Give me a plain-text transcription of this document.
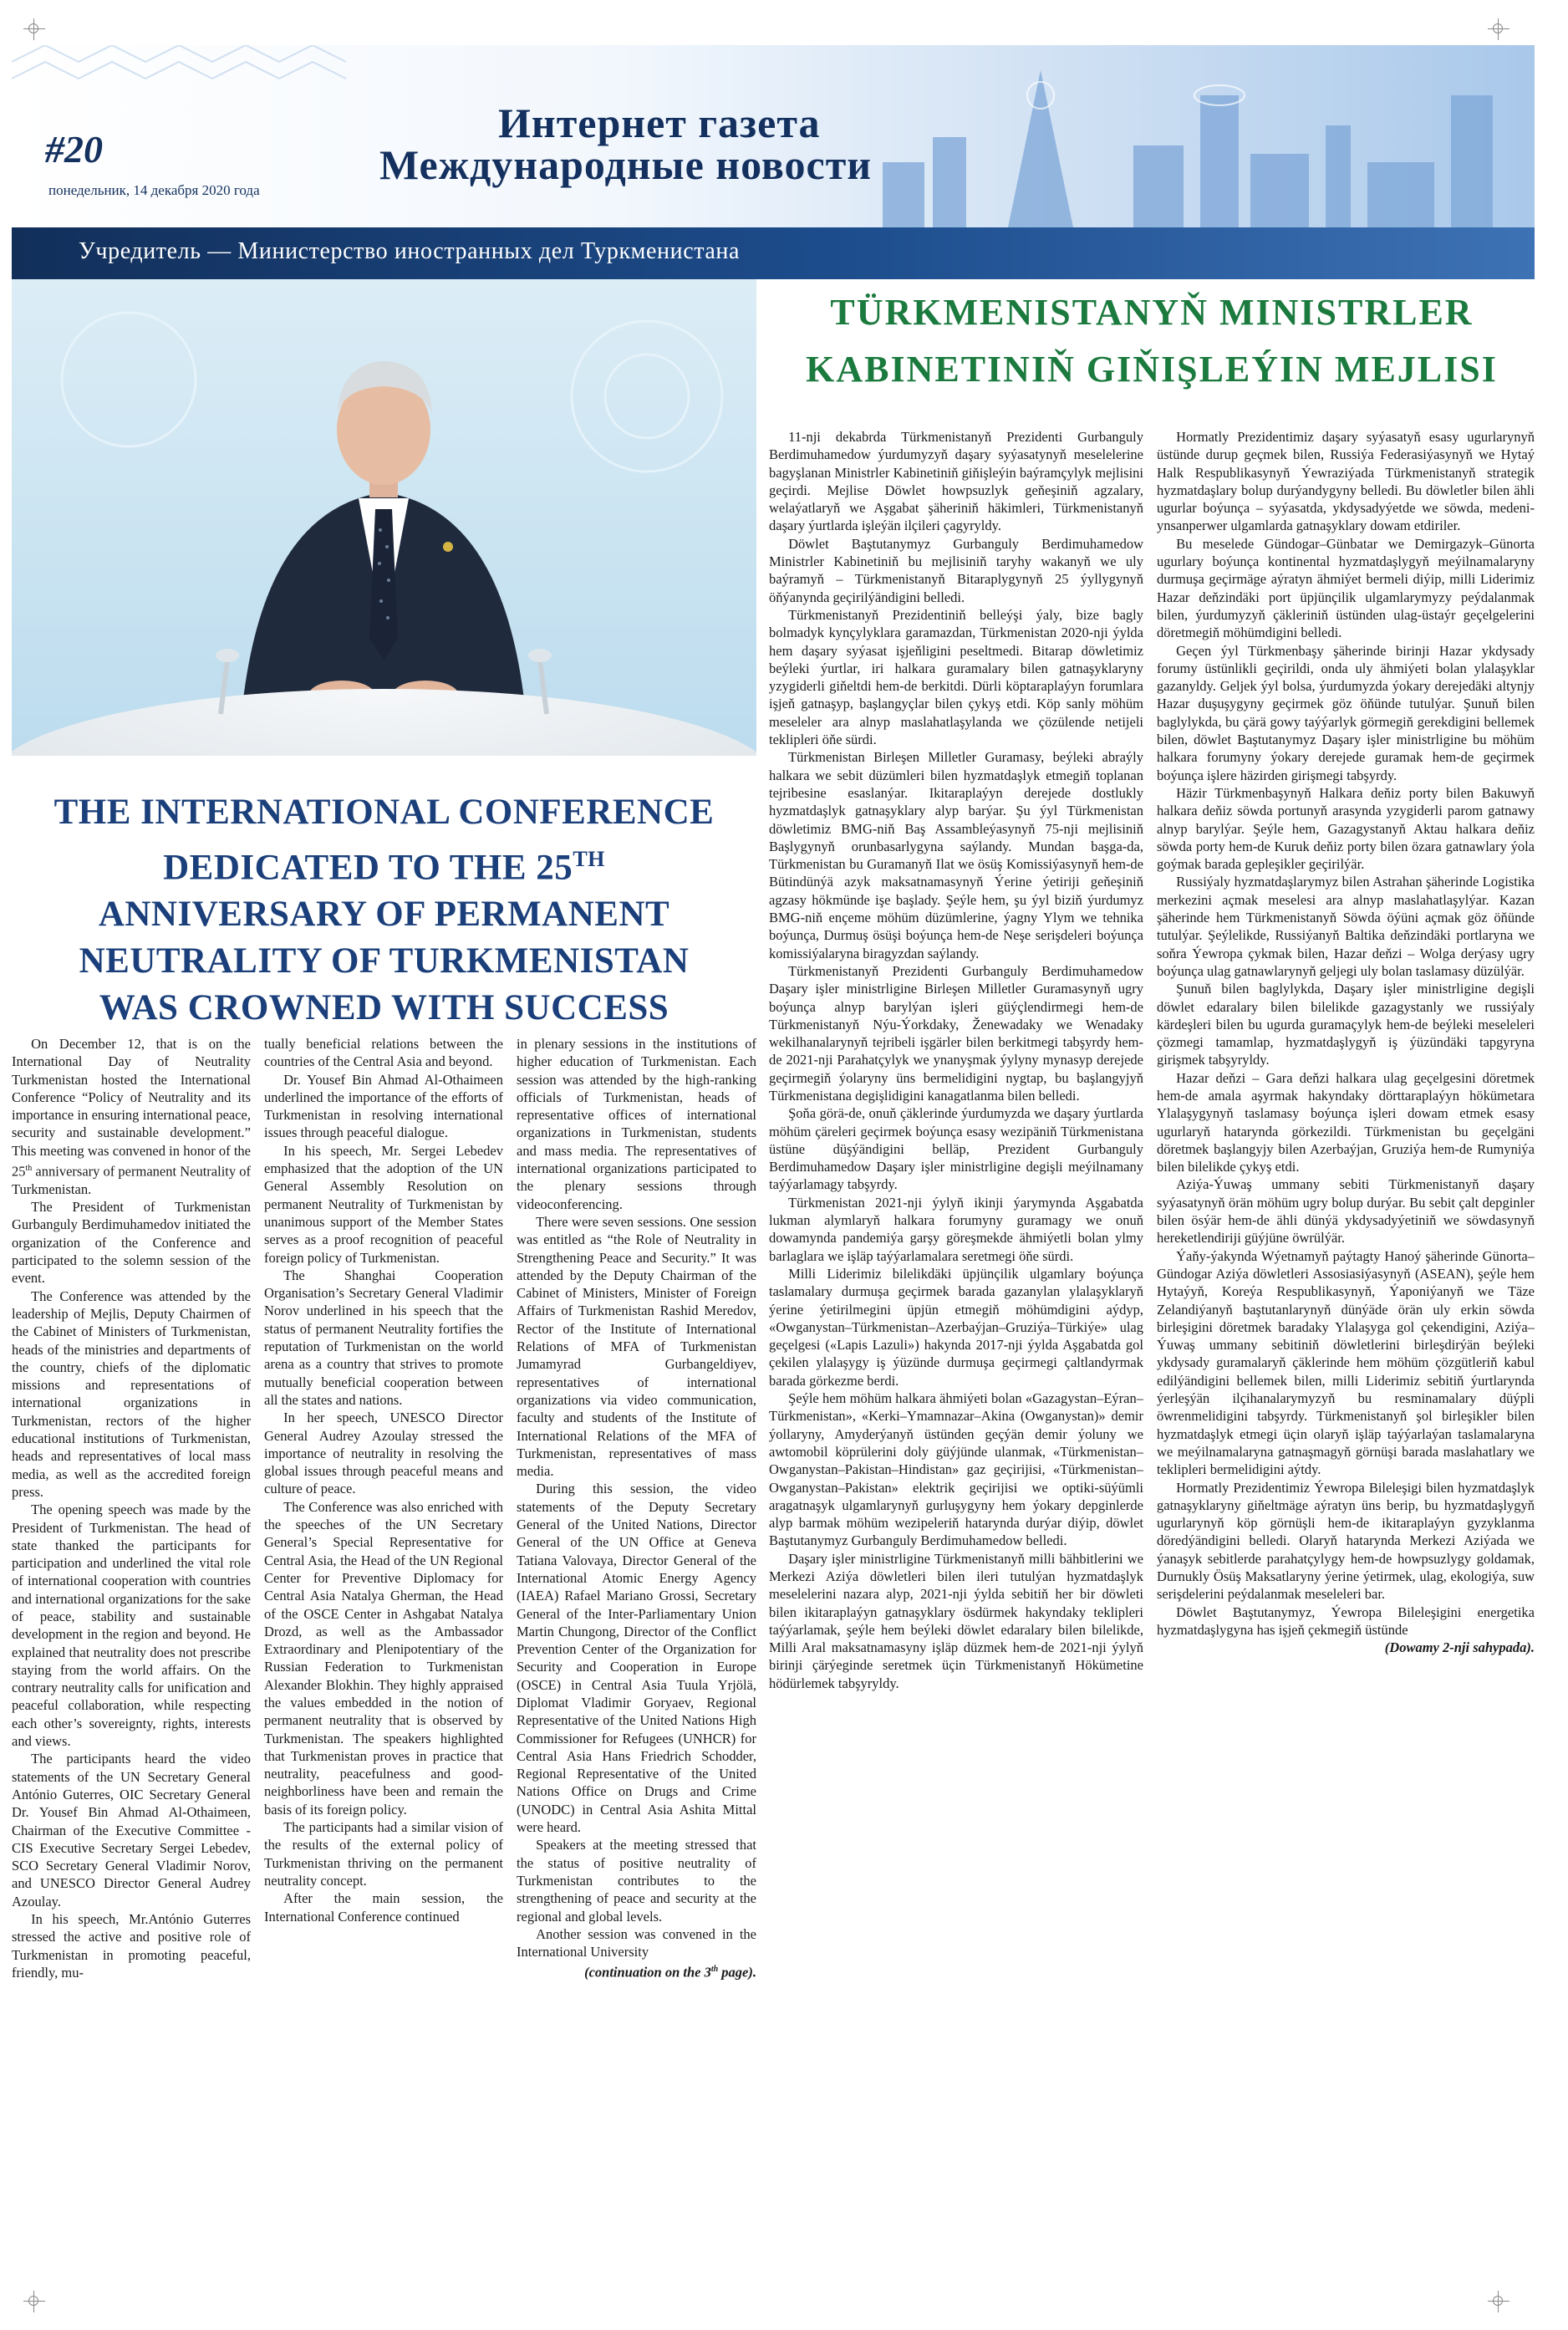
#20
понедельник, 14 декабря 2020 года
Интернет газета
Международные новости
Учредитель — Министерство иностранных дел Туркменистана
TÜRKMENISTANYŇ MINISTRLER
KABINETINIŇ GIŇIŞLEÝIN MEJLISI
THE INTERNATIONAL CONFERENCE
DEDICATED TO THE 25TH
ANNIVERSARY OF PERMANENT
NEUTRALITY OF TURKMENISTAN
WAS CROWNED WITH SUCCESS

On December 12, that is on the International Day of Neutrality Turkmenistan hosted the International Conference “Policy of Neutrality and its importance in ensuring international peace, security and sustainable development.” This meeting was convened in honor of the 25th anniversary of permanent Neutrality of Turkmenistan.

The President of Turkmenistan Gurbanguly Berdimuhamedov initiated the organization of the Conference and participated to the solemn session of the event.

The Conference was attended by the leadership of Mejlis, Deputy Chairmen of the Cabinet of Ministers of Turkmenistan, heads of the ministries and departments of the country, chiefs of the diplomatic missions and representations of international organizations in Turkmenistan, rectors of the higher educational institutions of Turkmenistan, heads and representatives of local mass media, as well as the accredited foreign press.

The opening speech was made by the President of Turkmenistan. The head of state thanked the participants for participation and underlined the vital role of international cooperation with countries and international organizations for the sake of peace, stability and sustainable development in the region and beyond. He explained that neutrality does not prescribe staying from the world affairs. On the contrary neutrality calls for unification and peaceful collaboration, while respecting each other’s sovereignty, rights, interests and views.

The participants heard the video statements of the UN Secretary General António Guterres, OIC Secretary General Dr. Yousef Bin Ahmad Al-Othaimeen, Chairman of the Executive Committee - CIS Executive Secretary Sergei Lebedev, SCO Secretary General Vladimir Norov, and UNESCO Director General Audrey Azoulay.

In his speech, Mr.António Guterres stressed the active and positive role of Turkmenistan in promoting peaceful, friendly, mu-

tually beneficial relations between the countries of the Central Asia and beyond.

Dr. Yousef Bin Ahmad Al-Othaimeen underlined the importance of the efforts of Turkmenistan in resolving international issues through peaceful dialogue.

In his speech, Mr. Sergei Lebedev emphasized that the adoption of the UN General Assembly Resolution on permanent Neutrality of Turkmenistan by unanimous support of the Member States serves as a proof recognition of peaceful foreign policy of Turkmenistan.

The Shanghai Cooperation Organisation’s Secretary General Vladimir Norov underlined in his speech that the status of permanent Neutrality fortifies the reputation of Turkmenistan on the world arena as a country that strives to promote mutually beneficial cooperation between all the states and nations.

In her speech, UNESCO Director General Audrey Azoulay stressed the importance of neutrality in resolving the global issues through peaceful means and culture of peace.

The Conference was also enriched with the speeches of the UN Secretary General’s Special Representative for Central Asia, the Head of the UN Regional Center for Preventive Diplomacy for Central Asia Natalya Gherman, the Head of the OSCE Center in Ashgabat Natalya Drozd, as well as the Ambassador Extraordinary and Plenipotentiary of the Russian Federation to Turkmenistan Alexander Blokhin. They highly appraised the values embedded in the notion of permanent neutrality that is observed by Turkmenistan. The speakers highlighted that Turkmenistan proves in practice that neutrality, peacefulness and good-neighborliness have been and remain the basis of its foreign policy.

The participants had a similar vision of the results of the external policy of Turkmenistan thriving on the permanent neutrality concept.

After the main session, the International Conference continued

in plenary sessions in the institutions of higher education of Turkmenistan. Each session was attended by the high-ranking officials of Turkmenistan, heads of representative offices of international organizations in Turkmenistan, students and mass media. The representatives of international organizations participated to the plenary sessions through videoconferencing.

There were seven sessions. One session was entitled as “the Role of Neutrality in Strengthening Peace and Security.” It was attended by the Deputy Chairman of the Cabinet of Ministers, Minister of Foreign Affairs of Turkmenistan Rashid Meredov, Rector of the Institute of International Relations of MFA of Turkmenistan Jumamyrad Gurbangeldiyev, representatives of international organizations via video communication, faculty and students of the Institute of International Relations of the MFA of Turkmenistan, representatives of mass media.

During this session, the video statements of the Deputy Secretary General of the United Nations, Director General of the UN Office at Geneva Tatiana Valovaya, Director General of the International Atomic Energy Agency (IAEA) Rafael Mariano Grossi, Secretary General of the Inter-Parliamentary Union Martin Chungong, Director of the Conflict Prevention Center of the Organization for Security and Cooperation in Europe (OSCE) in Central Asia Tuula Yrjölä, Diplomat Vladimir Goryaev, Regional Representative of the United Nations High Commissioner for Refugees (UNHCR) for Central Asia Hans Friedrich Schodder, Regional Representative of the United Nations Office on Drugs and Crime (UNODC) in Central Asia Ashita Mittal were heard.

Speakers at the meeting stressed that the status of positive neutrality of Turkmenistan contributes to the strengthening of peace and security at the regional and global levels.

Another session was convened in the International University

(continuation on the 3th page).

11-nji dekabrda Türkmenistanyň Prezidenti Gurbanguly Berdimuhamedow ýurdumyzyň daşary syýasatynyň meselelerine bagyşlanan Ministrler Kabinetiniň giňişleýin baýramçylyk mejlisini geçirdi. Mejlise Döwlet howpsuzlyk geňeşiniň agzalary, welaýatlaryň we Aşgabat şäheriniň häkimleri, Türkmenistanyň daşary ýurtlarda işleýän ilçileri çagyryldy.

Döwlet Baştutanymyz Gurbanguly Berdimuhamedow Ministrler Kabinetiniň bu mejlisiniň taryhy wakanyň we uly baýramyň – Türkmenistanyň Bitaraplygynyň 25 ýyllygynyň öňýanynda geçirilýändigini belledi.

Türkmenistanyň Prezidentiniň belleýşi ýaly, bize bagly bolmadyk kynçylyklara garamazdan, Türkmenistan 2020-nji ýylda hem daşary syýasat işjeňligini peseltmedi. Bitarap döwletimiz beýleki ýurtlar, iri halkara guramalary bilen gatnaşyklaryny yzygiderli giňeltdi hem-de berkitdi. Dürli köptaraplaýyn forumlara işjeň gatnaşyp, başlangyçlar bilen çykyş etdi. Köp sanly möhüm meseleler ara alnyp maslahatlaşylanda we çözülende netijeli teklipleri öňe sürdi.

Türkmenistan Birleşen Milletler Guramasy, beýleki abraýly halkara we sebit düzümleri bilen hyzmatdaşlyk etmegiň toplanan tejribesine esaslanýar. Ikitaraplaýyn derejede dostlukly hyzmatdaşlyk gatnaşyklary alyp barýar. Şu ýyl Türkmenistan döwletimiz BMG-niň Baş Assambleýasynyň 75-nji mejlisiniň Başlygynyň orunbasarlygyna saýlandy. Mundan başga-da, Türkmenistan bu Guramanyň Ilat we ösüş Komissiýasynyň hem-de Bütindünýä azyk maksatnamasynyň Ýerine ýetiriji geňeşiniň agzasy hökmünde işe başlady. Şeýle hem, şu ýyl biziň ýurdumyz BMG-niň ençeme möhüm düzümlerine, ýagny Ylym we tehnika boýunça, Durmuş ösüşi boýunça hem-de Neşe serişdeleri boýunça komissiýalaryna biragyzdan saýlandy.

Türkmenistanyň Prezidenti Gurbanguly Berdimuhamedow Daşary işler ministrligine Birleşen Milletler Guramasynyň ugry boýunça alnyp barylýan işleri güýçlendirmegi hem-de Türkmenistanyň Nýu-Ýorkdaky, Ženewadaky we Wenadaky wekilhanalarynyň tejribeli işgärler bilen berkitmegi tabşyrdy hem-de 2021-nji Parahatçylyk we ynanyşmak ýylyny mynasyp derejede geçirmegiň ýolaryny üns bermelidigini nygtap, bu başlangyjyň Türkmenistana degişlidigini kanagatlanma bilen belledi.

Şoňa görä-de, onuň çäklerinde ýurdumyzda we daşary ýurtlarda möhüm çäreleri geçirmek boýunça esasy wezipäniň Türkmenistana üstüne düşýändigini belläp, Prezident Gurbanguly Berdimuhamedow Daşary işler ministrligine degişli meýilnamany taýýarlamagy tabşyrdy.

Türkmenistan 2021-nji ýylyň ikinji ýarymynda Aşgabatda lukman alymlaryň halkara forumyny guramagy we onuň dowamynda pandemiýa garşy göreşmekde ähmiýetli bolan ylmy barlaglara we işläp taýýarlamalara seretmegi öňe sürdi.

Milli Liderimiz bilelikdäki üpjünçilik ulgamlary boýunça taslamalary durmuşa geçirmek barada gazanylan ylalaşyklaryň ýerine ýetirilmegini üpjün etmegiň möhümdigini aýdyp, «Owganystan–Türkmenistan–Azerbaýjan–Gruziýa–Türkiýe» ulag geçelgesi («Lapis Lazuli») hakynda 2017-nji ýylda Aşgabatda gol çekilen ylalaşygy iş ýüzünde durmuşa geçirmegi çaltlandyrmak barada görkezme berdi.

Şeýle hem möhüm halkara ähmiýeti bolan «Gazagystan–Eýran–Türkmenistan», «Kerki–Ymamnazar–Akina (Owganystan)» demir ýollaryny, Amyderýanyň üstünden geçýän demir ýoluny we awtomobil köprülerini doly güýjünde ulanmak, «Türkmenistan–Owganystan–Pakistan–Hindistan» gaz geçirijisi, «Türkmenistan–Owganystan–Pakistan» elektrik geçirijisi we optiki-süýümli aragatnaşyk ulgamlarynyň gurluşygyny hem ýokary depginlerde alyp barmak möhüm wezipeleriň hatarynda durýar diýip, döwlet Baştutanymyz Gurbanguly Berdimuhamedow belledi.

Daşary işler ministrligine Türkmenistanyň milli bähbitlerini we Merkezi Aziýa döwletleri bilen ileri tutulýan hyzmatdaşlyk meselelerini nazara alyp, 2021-nji ýylda sebitiň her bir döwleti bilen ikitaraplaýyn gatnaşyklary ösdürmek hakyndaky teklipleri taýýarlamak, şeýle hem beýleki döwlet edaralary bilen bilelikde, Milli Aral maksatnamasyny işläp düzmek hem-de 2021-nji ýylyň birinji çärýeginde seretmek üçin Türkmenistanyň Hökümetine hödürlemek tabşyryldy.

Hormatly Prezidentimiz daşary syýasatyň esasy ugurlarynyň üstünde durup geçmek bilen, Russiýa Federasiýasynyň we Hytaý Halk Respublikasynyň Ýewraziýada Türkmenistanyň strategik hyzmatdaşlary bolup durýandygyny belledi. Bu döwletler bilen ähli ugurlar boýunça – syýasatda, ykdysadyýetde we söwda, medeni-ynsanperwer ulgamlarda gatnaşyklary dowam etdiriler.

Bu meselede Gündogar–Günbatar we Demirgazyk–Günorta ugurlary boýunça kontinental hyzmatdaşlygyň meýilnamalaryny durmuşa geçirmäge aýratyn ähmiýet bermeli diýip, milli Liderimiz Hazar deňzindäki port üpjünçilik ulgamlarymyzy peýdalanmak bilen, ýurdumyzyň çäkleriniň üstünden ulag-üstaýr geçelgelerini döretmegiň möhümdigini belledi.

Geçen ýyl Türkmenbaşy şäherinde birinji Hazar ykdysady forumy üstünlikli geçirildi, onda uly ähmiýeti bolan ylalaşyklar gazanyldy. Geljek ýyl bolsa, ýurdumyzda ýokary derejedäki altynjy Hazar duşuşygyny geçirmek göz öňünde tutulýar. Şunuň bilen baglylykda, bu çärä gowy taýýarlyk görmegiň gerekdigini bellemek bilen, döwlet Baştutanymyz Daşary işler ministrligine bu möhüm halkara forumyny ýokary derejede guramak hem-de geçirmek boýunça işlere häzirden girişmegi tabşyrdy.

Häzir Türkmenbaşynyň Halkara deňiz porty bilen Bakuwyň halkara deňiz söwda portunyň arasynda yzygiderli parom gatnawy alnyp barylýar. Şeýle hem, Gazagystanyň Aktau halkara deňiz söwda porty hem-de Kuruk deňiz porty bilen özara gatnawlary ýola goýmak barada gepleşikler geçirilýär.

Russiýaly hyzmatdaşlarymyz bilen Astrahan şäherinde Logistika merkezini açmak meselesi ara alnyp maslahatlaşylýar. Kazan şäherinde hem Türkmenistanyň Söwda öýüni açmak göz öňünde tutulýar. Şeýlelikde, Russiýanyň Baltika deňzindäki portlaryna we soňra Ýewropa çykmak bilen, Hazar deňzi – Wolga derýasy ugry boýunça ulag gatnawlarynyň geljegi uly bolan taslamasy düzülýär.

Şunuň bilen baglylykda, Daşary işler ministrligine degişli döwlet edaralary bilen bilelikde gazagystanly we russiýaly kärdeşleri bilen bu ugurda guramaçylyk hem-de beýleki meseleleri çözmegi tamamlap, hyzmatdaşlygyň iş ýüzündäki tapgyryna girişmek tabşyryldy.

Hazar deňzi – Gara deňzi halkara ulag geçelgesini döretmek hem-de amala aşyrmak hakyndaky dörttaraplaýyn hökümetara Ylalaşygynyň taslamasy boýunça işleri dowam etmek esasy ugurlaryň hatarynda görkezildi. Türkmenistan bu geçelgäni döretmek başlangyjy bilen Azerbaýjan, Gruziýa hem-de Rumyniýa bilen bilelikde çykyş etdi.

Aziýa-Ýuwaş ummany sebiti Türkmenistanyň daşary syýasatynyň örän möhüm ugry bolup durýar. Bu sebit çalt depginler bilen ösýär hem-de ähli dünýä ykdysadyýetiniň we söwdasynyň hereketlendiriji güýjüne öwrülýär.

Ýaňy-ýakynda Wýetnamyň paýtagty Hanoý şäherinde Günorta–Gündogar Aziýa döwletleri Assosiasiýasynyň (ASEAN), şeýle hem Hytaýyň, Koreýa Respublikasynyň, Ýaponiýanyň we Täze Zelandiýanyň baştutanlarynyň dünýäde örän uly erkin söwda birleşigini döretmek baradaky Ylalaşyga gol çekendigini, Aziýa–Ýuwaş ummany sebitiniň döwletlerini birleşdirýän beýleki ykdysady guramalaryň çäklerinde hem möhüm çözgütleriň kabul edilýändigini bellemek bilen, milli Liderimiz sebitiň ýurtlarynda ýerleşýän ilçihanalarymyzyň bu resminamalary düýpli öwrenmelidigini tabşyrdy. Türkmenistanyň şol birleşikler bilen hyzmatdaşlyk etmegi üçin olaryň işläp taýýarlaýan taslamalaryna we meýilnamalaryna gatnaşmagyň görnüşi barada maslahatlary we teklipleri bermelidigini aýtdy.

Hormatly Prezidentimiz Ýewropa Bileleşigi bilen hyzmatdaşlyk gatnaşyklaryny giňeltmäge aýratyn üns berip, bu hyzmatdaşlygyň ugurlarynyň köp görnüşli hem-de ikitaraplaýyn gyzyklanma döredýändigini belledi. Olaryň hatarynda Merkezi Aziýada we ýanaşyk sebitlerde parahatçylygy hem-de howpsuzlygy goldamak, Durnukly Ösüş Maksatlaryny ýerine ýetirmek, ulag, ekologiýa, suw serişdelerini peýdalanmak meseleleri bar.

Döwlet Baştutanymyz, Ýewropa Bileleşigini energetika hyzmatdaşlygyna has işjeň çekmegiň üstünde

(Dowamy 2-nji sahypada).
